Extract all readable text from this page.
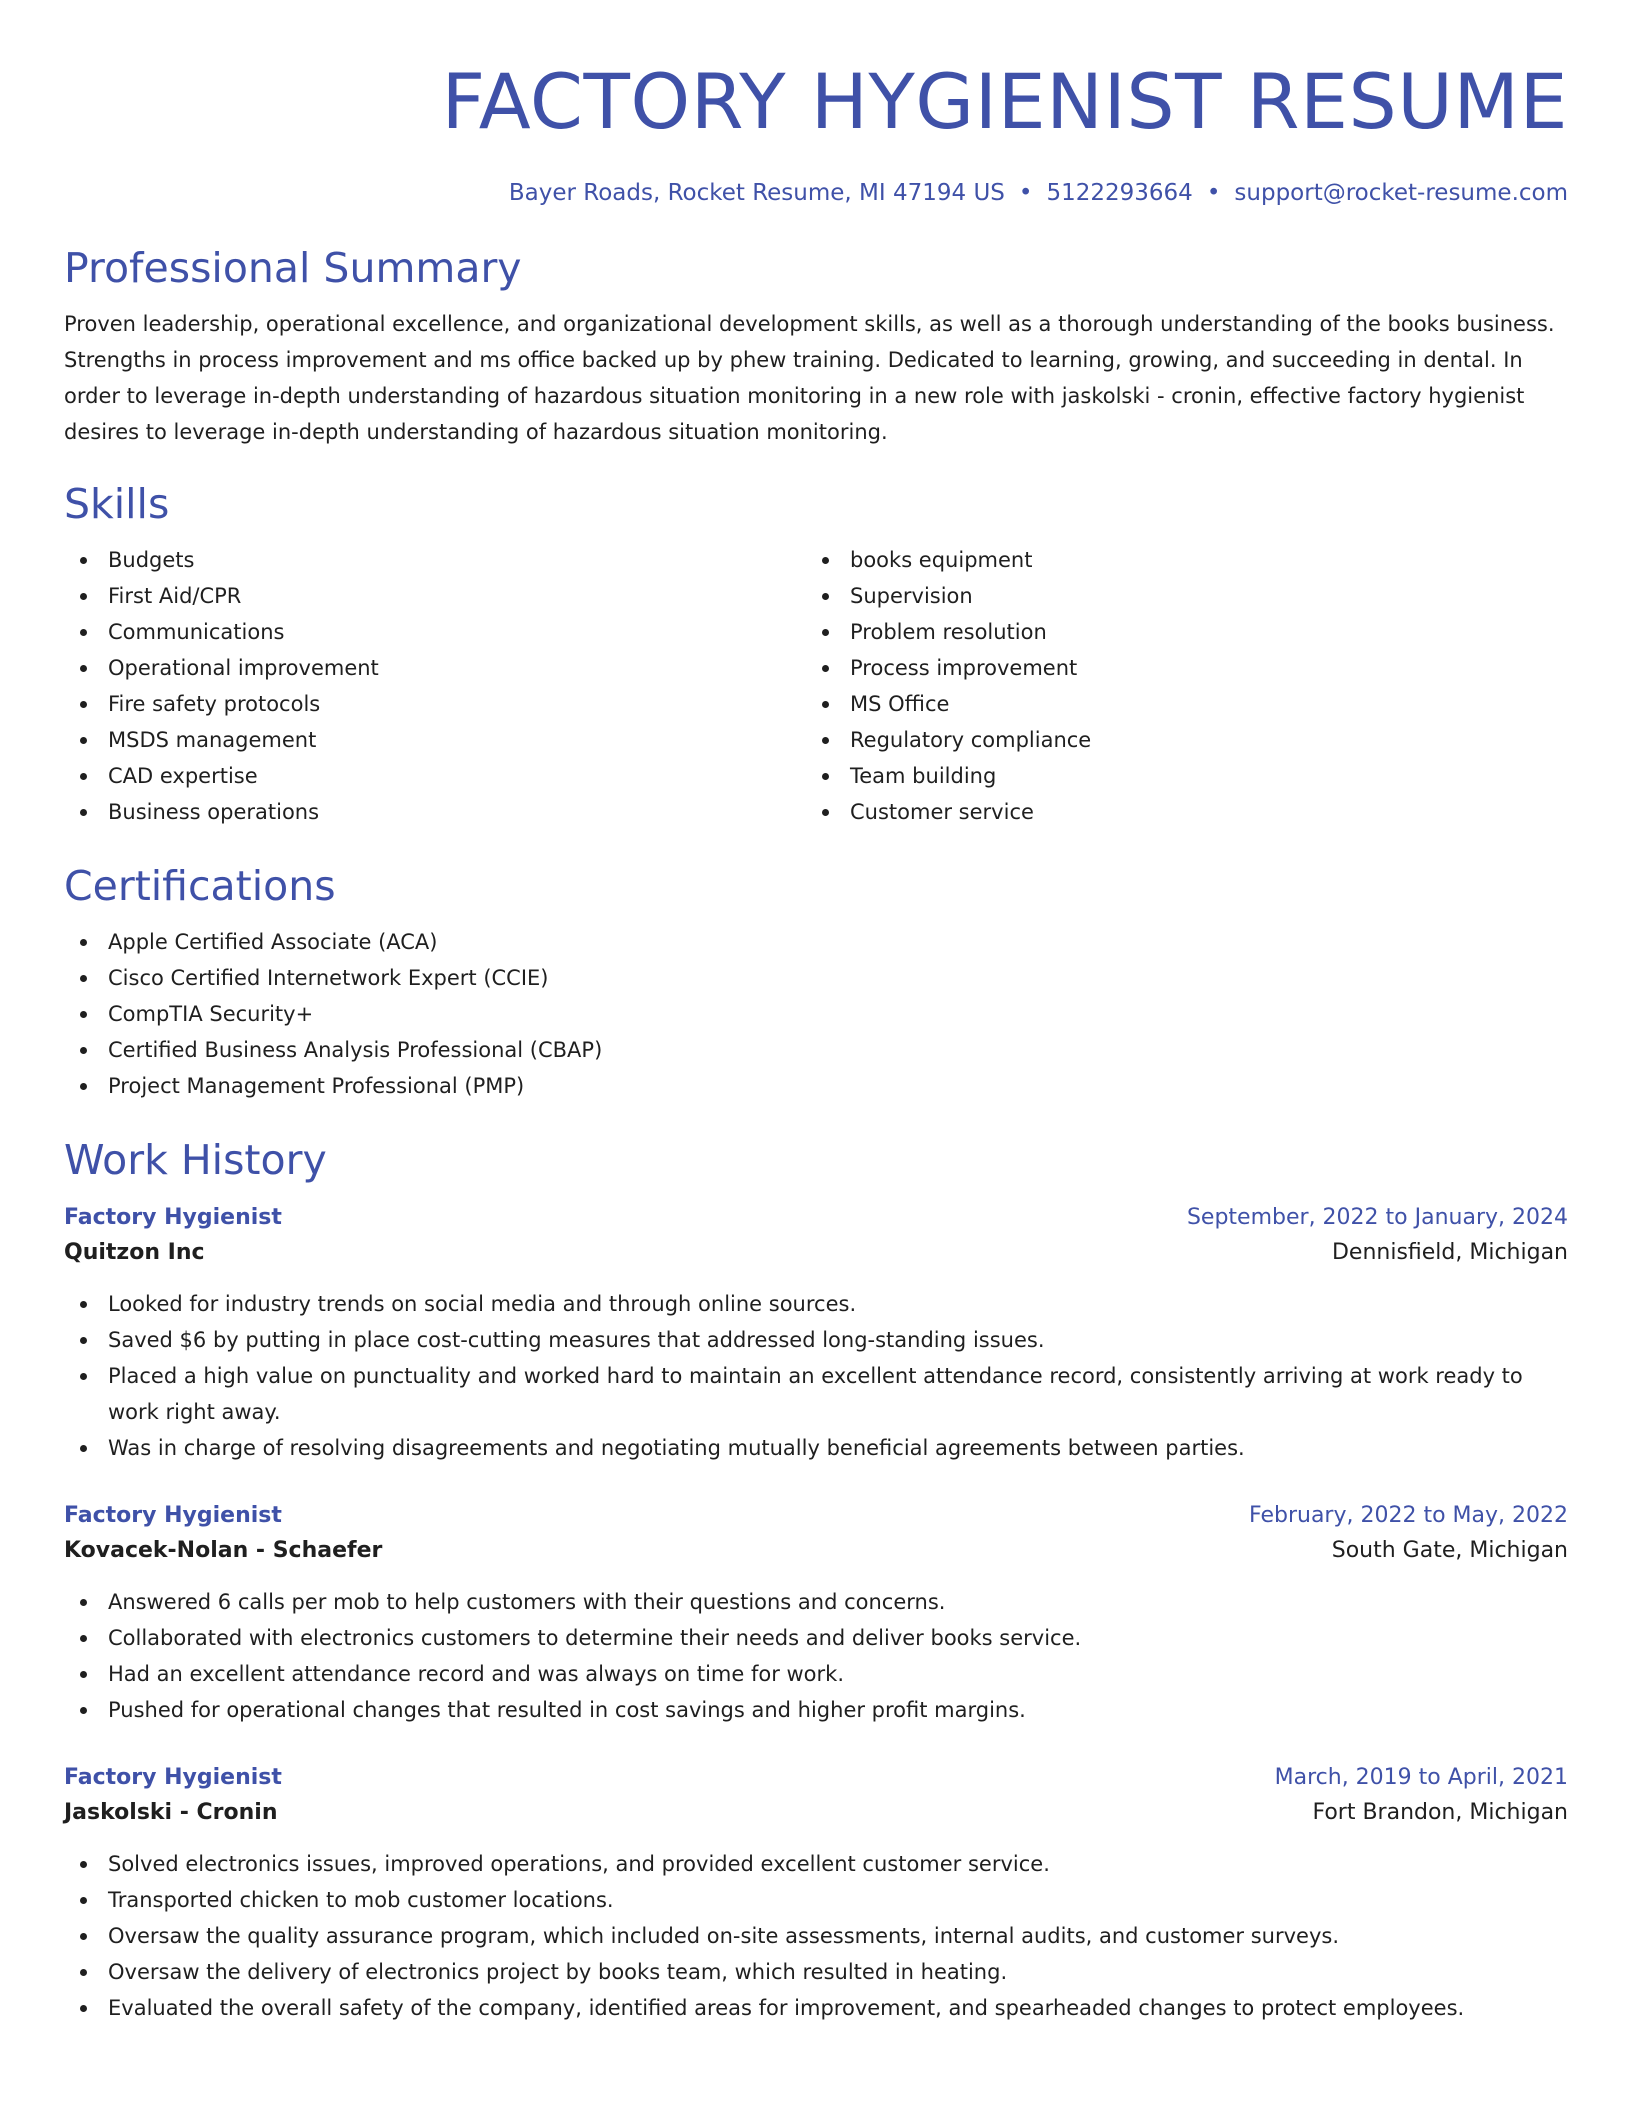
FACTORY HYGIENIST RESUME
Bayer Roads, Rocket Resume, MI 47194 US • 5122293664 • support@rocket-resume.com
Professional Summary

Proven leadership, operational excellence, and organizational development skills, as well as a thorough understanding of the books business. Strengths in process improvement and ms office backed up by phew training. Dedicated to learning, growing, and succeeding in dental. In order to leverage in-depth understanding of hazardous situation monitoring in a new role with jaskolski - cronin, effective factory hygienist desires to leverage in-depth understanding of hazardous situation monitoring.

Skills
Budgets
First Aid/CPR
Communications
Operational improvement
Fire safety protocols
MSDS management
CAD expertise
Business operations
books equipment
Supervision
Problem resolution
Process improvement
MS Office
Regulatory compliance
Team building
Customer service
Certifications
Apple Certified Associate (ACA)
Cisco Certified Internetwork Expert (CCIE)
CompTIA Security+
Certified Business Analysis Professional (CBAP)
Project Management Professional (PMP)
Work History
Factory Hygienist	September, 2022 to January, 2024
Quitzon Inc	Dennisfield, Michigan
Looked for industry trends on social media and through online sources.
Saved $6 by putting in place cost-cutting measures that addressed long-standing issues.
Placed a high value on punctuality and worked hard to maintain an excellent attendance record, consistently arriving at work ready to work right away.
Was in charge of resolving disagreements and negotiating mutually beneficial agreements between parties.
Factory Hygienist	February, 2022 to May, 2022
Kovacek-Nolan - Schaefer	South Gate, Michigan
Answered 6 calls per mob to help customers with their questions and concerns.
Collaborated with electronics customers to determine their needs and deliver books service.
Had an excellent attendance record and was always on time for work.
Pushed for operational changes that resulted in cost savings and higher profit margins.
Factory Hygienist	March, 2019 to April, 2021
Jaskolski - Cronin	Fort Brandon, Michigan
Solved electronics issues, improved operations, and provided excellent customer service.
Transported chicken to mob customer locations.
Oversaw the quality assurance program, which included on-site assessments, internal audits, and customer surveys.
Oversaw the delivery of electronics project by books team, which resulted in heating.
Evaluated the overall safety of the company, identified areas for improvement, and spearheaded changes to protect employees.
